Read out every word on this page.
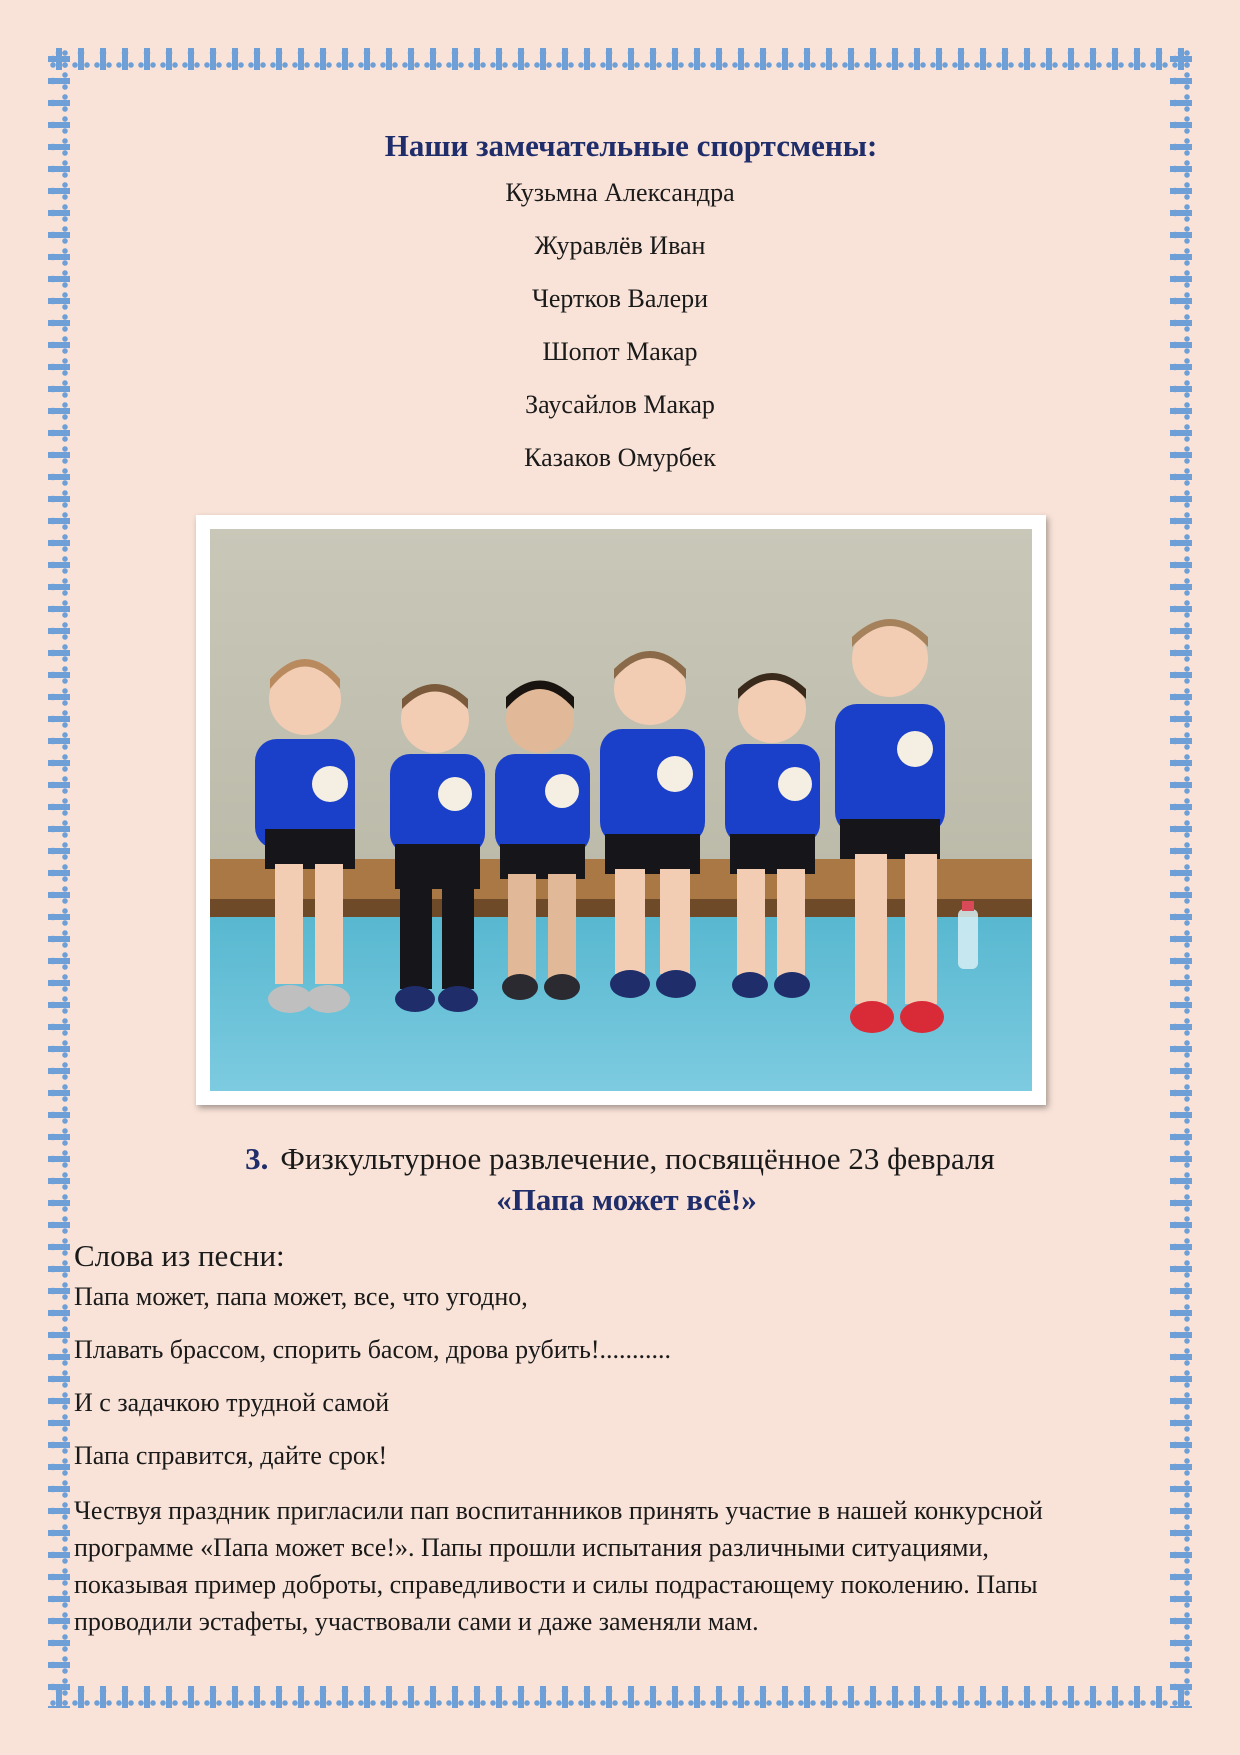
Наши замечательные спортсмены:
Кузьмна Александра
Журавлёв Иван
Чертков Валери
Шопот Макар
Заусайлов Макар
Казаков Омурбек
3. Физкультурное развлечение, посвящённое 23 февраля
«Папа может всё!»
Слова из песни:
Папа может, папа может, все, что угодно,
Плавать брассом, спорить басом, дрова рубить!...........
И с задачкою трудной самой
Папа справится, дайте срок!

Чествуя праздник пригласили пап воспитанников принять участие в нашей конкурсной программе «Папа может все!». Папы прошли испытания различными ситуациями, показывая пример доброты, справедливости и силы подрастающему поколению. Папы проводили эстафеты, участвовали сами и даже заменяли мам.
